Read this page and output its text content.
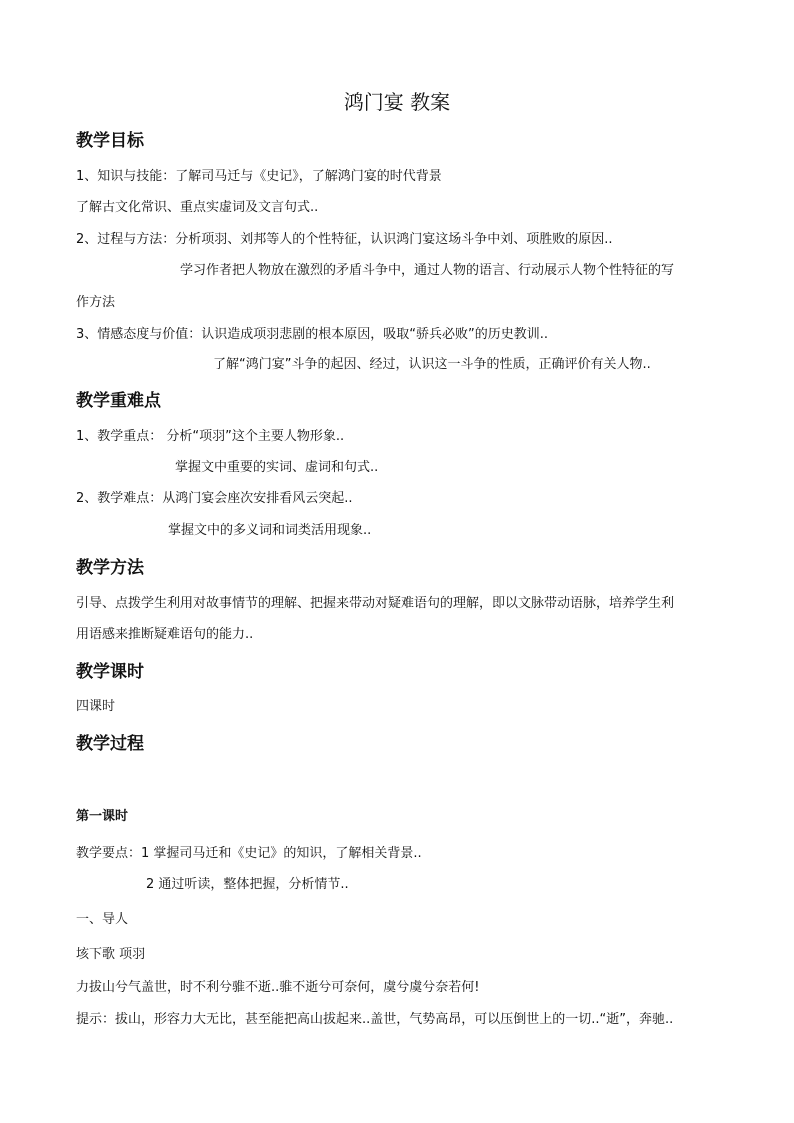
鸿门宴 教案
教学目标

1、知识与技能：了解司马迁与《史记》，了解鸿门宴的时代背景

了解古文化常识、重点实虚词及文言句式..

2、过程与方法：分析项羽、刘邦等人的个性特征，认识鸿门宴这场斗争中刘、项胜败的原因..

学习作者把人物放在激烈的矛盾斗争中，通过人物的语言、行动展示人物个性特征的写

作方法

3、情感态度与价值：认识造成项羽悲剧的根本原因，吸取“骄兵必败”的历史教训..

了解“鸿门宴”斗争的起因、经过，认识这一斗争的性质，正确评价有关人物..

教学重难点

1、教学重点： 分析“项羽”这个主要人物形象..

掌握文中重要的实词、虚词和句式..

2、教学难点：从鸿门宴会座次安排看风云突起..

掌握文中的多义词和词类活用现象..

教学方法

引导、点拨学生利用对故事情节的理解、把握来带动对疑难语句的理解，即以文脉带动语脉，培养学生利

用语感来推断疑难语句的能力..

教学课时

四课时

教学过程

第一课时

教学要点：1 掌握司马迁和《史记》的知识，了解相关背景..

2 通过听读，整体把握，分析情节..

一、导人

垓下歌 项羽

力拔山兮气盖世，时不利兮骓不逝..骓不逝兮可奈何，虞兮虞兮奈若何!

提示：拔山，形容力大无比，甚至能把高山拔起来..盖世，气势高昂，可以压倒世上的一切..“逝”，奔驰..
